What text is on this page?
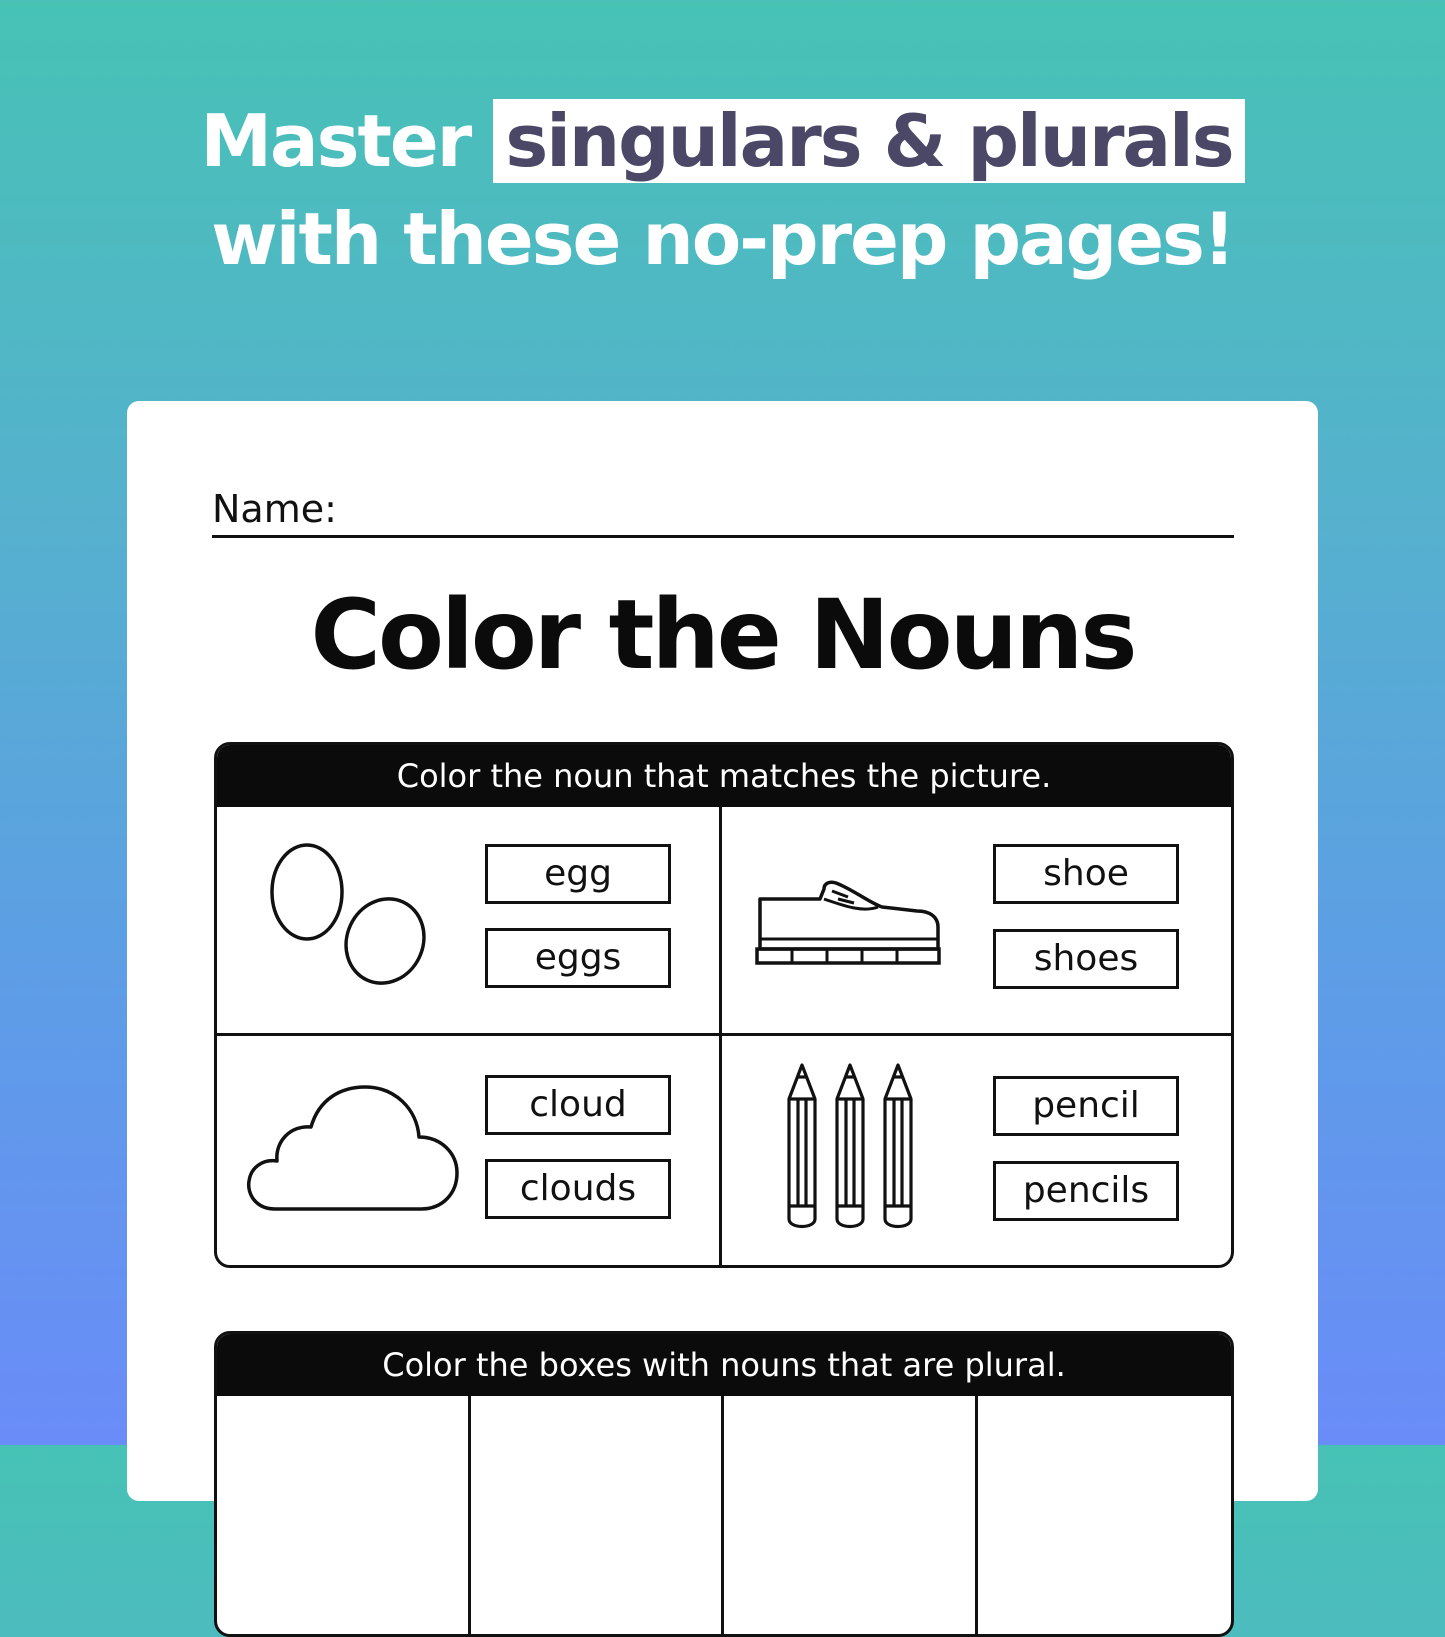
Master singulars & plurals
with these no-prep pages!
Name:
Color the Nouns
Color the noun that matches the picture.
egg
eggs
shoe
shoes
cloud
clouds
pencil
pencils
Color the boxes with nouns that are plural.
